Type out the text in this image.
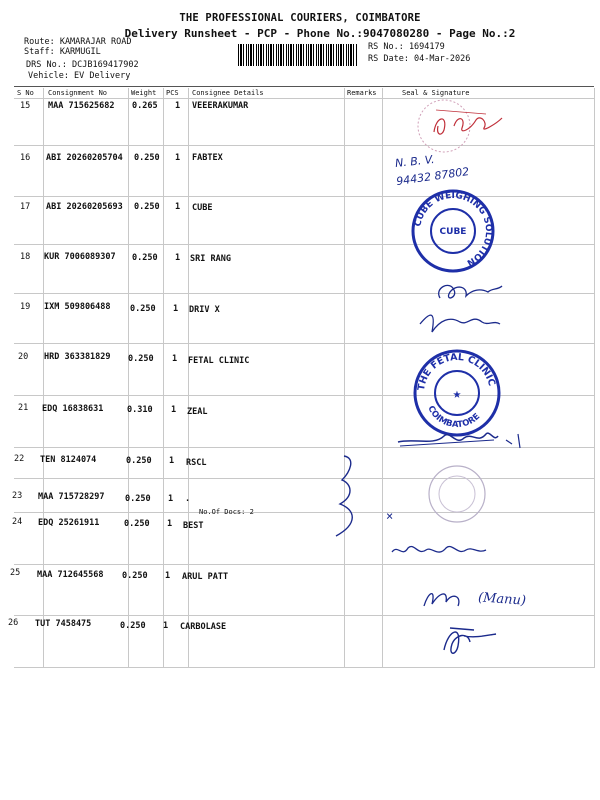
THE PROFESSIONAL COURIERS, COIMBATORE
Delivery Runsheet - PCP - Phone No.:9047080280 - Page No.:2
Route: KAMARAJAR ROAD
Staff: KARMUGIL
DRS No.: DCJB169417902
Vehicle: EV Delivery
RS No.: 1694179
RS Date: 04-Mar-2026
S No Consignment No	Weight PCS Consignee Details	Remarks	Seal & Signature
15 MAA 715625682 0.265 1 VEEERAKUMAR
16 ABI 20260205704 0.250 1 FABTEX
17 ABI 20260205693 0.250 1 CUBE
18 KUR 7006089307 0.250 1 SRI RANG
19 IXM 509806488 0.250 1 DRIV X
20 HRD 363381829 0.250 1 FETAL CLINIC
21 EDQ 16838631	0.310 1 ZEAL
22 TEN 8124074	0.250 1 RSCL
23 MAA 715728297 0.250 1 .
No.Of Docs: 2
24 EDQ 25261911	0.250 1 BEST
25 MAA 712645568 0.250 1 ARUL PATT
26 TUT 7458475	0.250 1 CARBOLASE
N. B. V.
94432 87802
CUBE WEIGHING SOLUTION
CUBE
THE FETAL CLINIC
COIMBATORE
★
×
(Manu)
